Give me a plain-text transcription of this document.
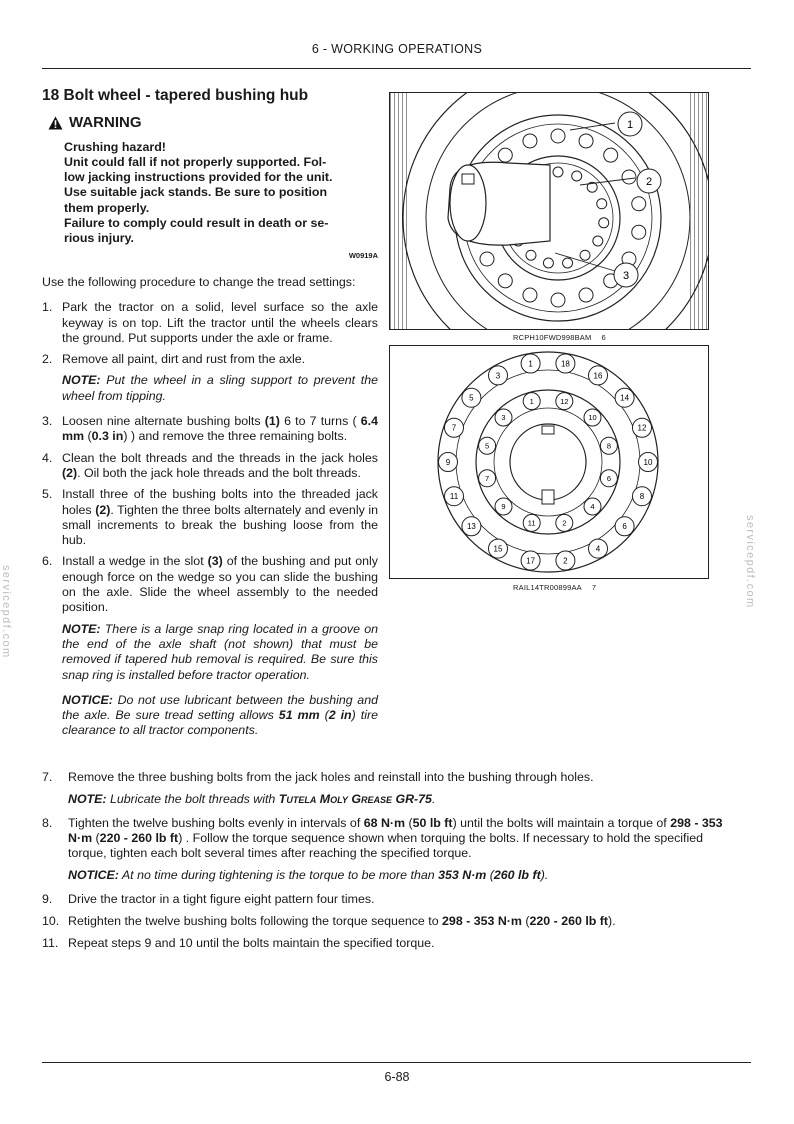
6 - WORKING OPERATIONS
servicepdf.com
servicepdf.com
18 Bolt wheel - tapered bushing hub
WARNING

Crushing hazard!

Unit could fall if not properly supported. Fol-

low jacking instructions provided for the unit.

Use suitable jack stands. Be sure to position

them properly.

Failure to comply could result in death or se-

rious injury.

W0919A

Use the following procedure to change the tread settings:

1. Park the tractor on a solid, level surface so the axle keyway is on top. Lift the tractor until the wheels clears the ground. Put supports under the axle or frame.
2. Remove all paint, dirt and rust from the axle.

NOTE: Put the wheel in a sling support to prevent the wheel from tipping.

3. Loosen nine alternate bushing bolts (1) 6 to 7 turns ( 6.4 mm (0.3 in) ) and remove the three remaining bolts.
4. Clean the bolt threads and the threads in the jack holes (2). Oil both the jack hole threads and the bolt threads.
5. Install three of the bushing bolts into the threaded jack holes (2). Tighten the three bolts alternately and evenly in small increments to break the bushing loose from the hub.
6. Install a wedge in the slot (3) of the bushing and put only enough force on the wedge so you can slide the bushing on the axle. Slide the wheel assembly to the needed position.

NOTE: There is a large snap ring located in a groove on the end of the axle shaft (not shown) that must be removed if tapered hub removal is required. Be sure this snap ring is installed before tractor operation.

NOTICE: Do not use lubricant between the bushing and the axle. Be sure tread setting allows 51 mm (2 in) tire clearance to all tractor components.

1
2
3
RCPH10FWD998BAM 6
1	18
16
14
12
10
8
6
4
2
17
15
13
11
9
7
5
3
12
10
8
6
4
2
11
9
7
5
3
1
RAIL14TR00899AA 7
7.	Remove the three bushing bolts from the jack holes and reinstall into the bushing through holes.

NOTE: Lubricate the bolt threads with Tutela Moly Grease GR-75.

8.	Tighten the twelve bushing bolts evenly in intervals of 68 N·m (50 lb ft) until the bolts will maintain a torque of 298 - 353 N·m (220 - 260 lb ft) . Follow the torque sequence shown when torquing the bolts. If necessary to hold the specified torque, tighten each bolt several times after reaching the specified torque.

NOTICE: At no time during tightening is the torque to be more than 353 N·m (260 lb ft).

9.	Drive the tractor in a tight figure eight pattern four times.
10. Retighten the twelve bushing bolts following the torque sequence to 298 - 353 N·m (220 - 260 lb ft).
11. Repeat steps 9 and 10 until the bolts maintain the specified torque.
6-88
